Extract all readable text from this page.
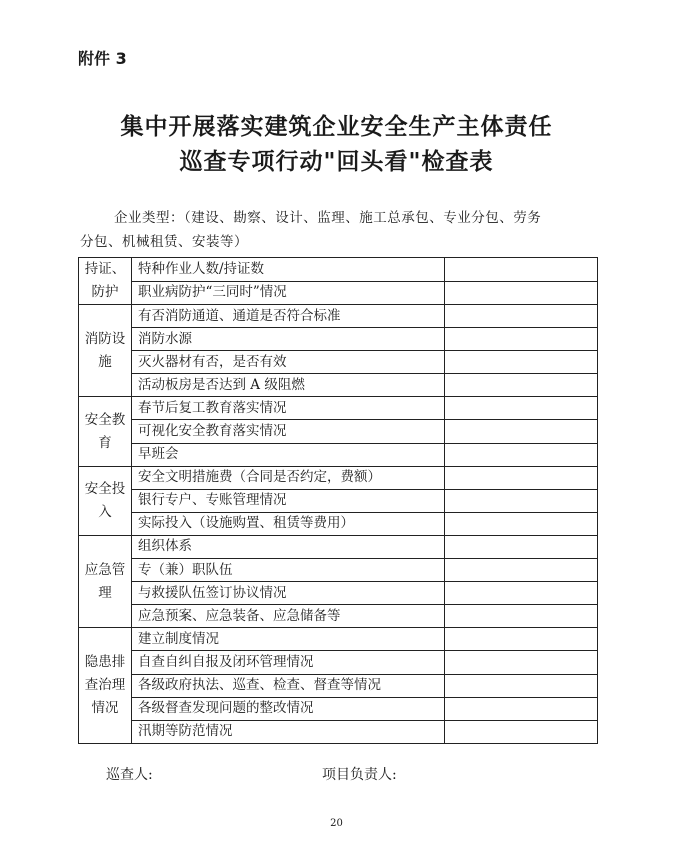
附件 3
集中开展落实建筑企业安全生产主体责任
巡查专项行动"回头看"检查表
企业类型：（建设、勘察、设计、监理、施工总承包、专业分包、劳务
分包、机械租赁、安装等）
持证、防护	特种作业人数/持证数	
	职业病防护“三同时”情况	
消防设施	有否消防通道、通道是否符合标准	
	消防水源	
	灭火器材有否，是否有效	
	活动板房是否达到 A 级阻燃	
安全教育	春节后复工教育落实情况	
	可视化安全教育落实情况	
	早班会	
安全投入	安全文明措施费（合同是否约定，费额）	
	银行专户、专账管理情况	
	实际投入（设施购置、租赁等费用）	
应急管理	组织体系	
	专（兼）职队伍	
	与救援队伍签订协议情况	
	应急预案、应急装备、应急储备等	
隐患排查治理情况	建立制度情况	
	自查自纠自报及闭环管理情况	
	各级政府执法、巡查、检查、督查等情况	
	各级督查发现问题的整改情况	
	汛期等防范情况	
巡查人:	项目负责人:
20
